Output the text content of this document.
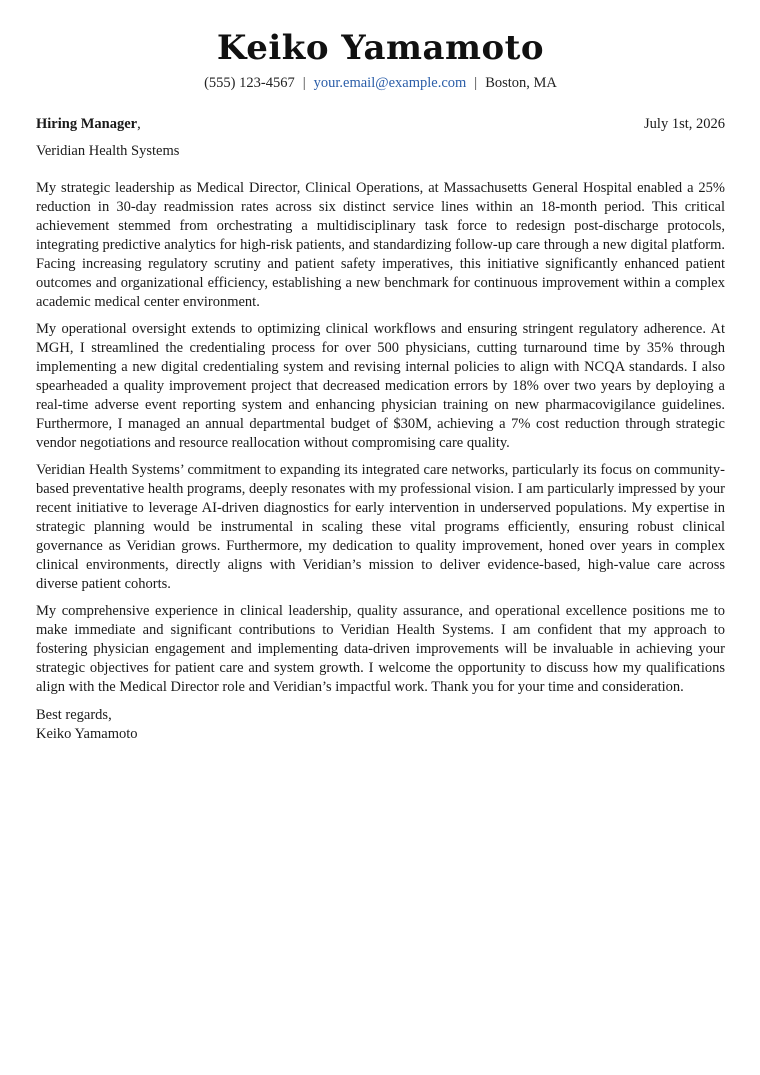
Keiko Yamamoto
(555) 123-4567 | your.email@example.com | Boston, MA
Hiring Manager,	July 1st, 2026
Veridian Health Systems

My strategic leadership as Medical Director, Clinical Operations, at Massachusetts General Hospital enabled a 25% reduction in 30-day readmission rates across six distinct service lines within an 18-month period. This critical achievement stemmed from orchestrating a multidisciplinary task force to redesign post-discharge protocols, integrating predictive analytics for high-risk patients, and standardizing follow-up care through a new digital platform. Facing increasing regulatory scrutiny and patient safety imperatives, this initiative significantly enhanced patient outcomes and organizational efficiency, establishing a new benchmark for continuous improvement within a complex academic medical center environment.

My operational oversight extends to optimizing clinical workflows and ensuring stringent regulatory adherence. At MGH, I streamlined the credentialing process for over 500 physicians, cutting turnaround time by 35% through implementing a new digital credentialing system and revising internal policies to align with NCQA standards. I also spearheaded a quality improvement project that decreased medication errors by 18% over two years by deploying a real-time adverse event reporting system and enhancing physician training on new pharmacovigilance guidelines. Furthermore, I managed an annual departmental budget of $30M, achieving a 7% cost reduction through strategic vendor negotiations and resource reallocation without compromising care quality.

Veridian Health Systems’ commitment to expanding its integrated care networks, particularly its focus on community-based preventative health programs, deeply resonates with my professional vision. I am particularly impressed by your recent initiative to leverage AI-driven diagnostics for early intervention in underserved populations. My expertise in strategic planning would be instrumental in scaling these vital programs efficiently, ensuring robust clinical governance as Veridian grows. Furthermore, my dedication to quality improvement, honed over years in complex clinical environments, directly aligns with Veridian’s mission to deliver evidence-based, high-value care across diverse patient cohorts.

My comprehensive experience in clinical leadership, quality assurance, and operational excellence positions me to make immediate and significant contributions to Veridian Health Systems. I am confident that my approach to fostering physician engagement and implementing data-driven improvements will be invaluable in achieving your strategic objectives for patient care and system growth. I welcome the opportunity to discuss how my qualifications align with the Medical Director role and Veridian’s impactful work. Thank you for your time and consideration.

Best regards,
Keiko Yamamoto
